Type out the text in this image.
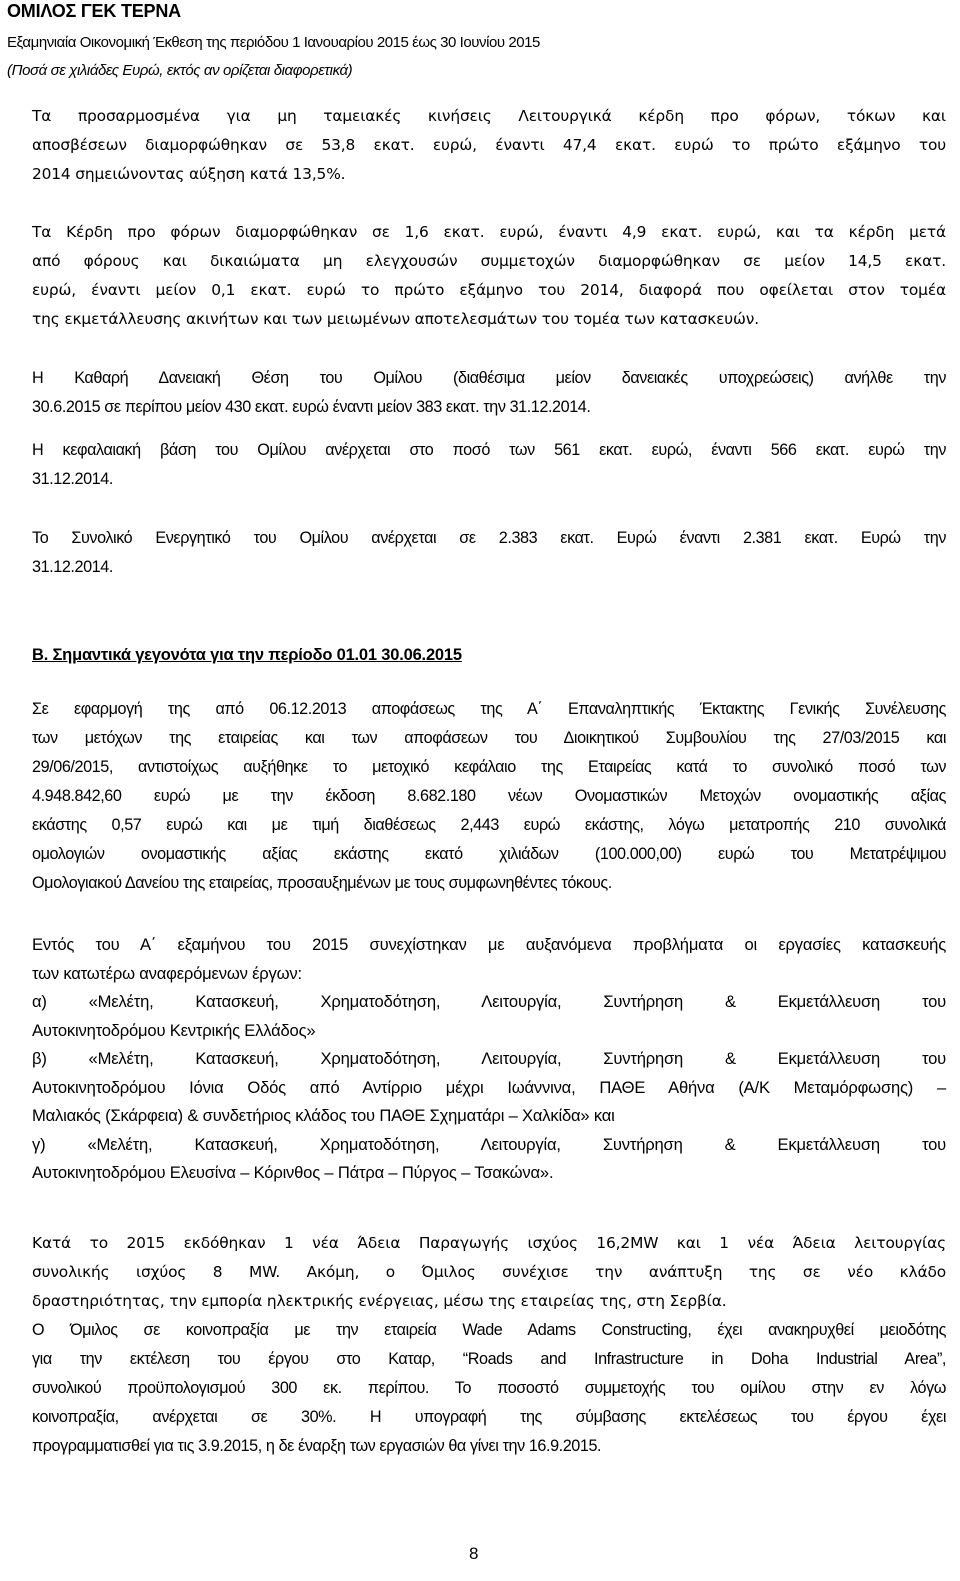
ΟΜΙΛΟΣ ΓΕΚ ΤΕΡΝΑ
Εξαμηνιαία Οικονομική Έκθεση της περιόδου 1 Ιανουαρίου 2015 έως 30 Ιουνίου 2015
(Ποσά σε χιλιάδες Ευρώ, εκτός αν ορίζεται διαφορετικά)
Τα προσαρμοσμένα για μη ταμειακές κινήσεις Λειτουργικά κέρδη προ φόρων, τόκων και
αποσβέσεων διαμορφώθηκαν σε 53,8 εκατ. ευρώ, έναντι 47,4 εκατ. ευρώ το πρώτο εξάμηνο του
2014 σημειώνοντας αύξηση κατά 13,5%.
Τα Κέρδη προ φόρων διαμορφώθηκαν σε 1,6 εκατ. ευρώ, έναντι 4,9 εκατ. ευρώ, και τα κέρδη μετά
από φόρους και δικαιώματα μη ελεγχουσών συμμετοχών διαμορφώθηκαν σε μείον 14,5 εκατ.
ευρώ, έναντι μείον 0,1 εκατ. ευρώ το πρώτο εξάμηνο του 2014, διαφορά που οφείλεται στον τομέα
της εκμετάλλευσης ακινήτων και των μειωμένων αποτελεσμάτων του τομέα των κατασκευών.
Η Καθαρή Δανειακή Θέση του Ομίλου (διαθέσιμα μείον δανειακές υποχρεώσεις) ανήλθε την
30.6.2015 σε περίπου μείον 430 εκατ. ευρώ έναντι μείον 383 εκατ. την 31.12.2014.
Η κεφαλαιακή βάση του Ομίλου ανέρχεται στο ποσό των 561 εκατ. ευρώ, έναντι 566 εκατ. ευρώ την
31.12.2014.
Το Συνολικό Ενεργητικό του Ομίλου ανέρχεται σε 2.383 εκατ. Ευρώ έναντι 2.381 εκατ. Ευρώ την
31.12.2014.
Β. Σημαντικά γεγονότα για την περίοδο 01.01 30.06.2015
Σε εφαρμογή της από 06.12.2013 αποφάσεως της Α΄ Επαναληπτικής Έκτακτης Γενικής Συνέλευσης
των μετόχων της εταιρείας και των αποφάσεων του Διοικητικού Συμβουλίου της 27/03/2015 και
29/06/2015, αντιστοίχως αυξήθηκε το μετοχικό κεφάλαιο της Εταιρείας κατά το συνολικό ποσό των
4.948.842,60 ευρώ με την έκδοση 8.682.180 νέων Ονομαστικών Μετοχών ονομαστικής αξίας
εκάστης 0,57 ευρώ και με τιμή διαθέσεως 2,443 ευρώ εκάστης, λόγω μετατροπής 210 συνολικά
ομολογιών ονομαστικής αξίας εκάστης εκατό χιλιάδων (100.000,00) ευρώ του Μετατρέψιμου
Ομολογιακού Δανείου της εταιρείας, προσαυξημένων με τους συμφωνηθέντες τόκους.
Εντός του Α΄ εξαμήνου του 2015 συνεχίστηκαν με αυξανόμενα προβλήματα οι εργασίες κατασκευής
των κατωτέρω αναφερόμενων έργων:
α) «Μελέτη, Κατασκευή, Χρηματοδότηση, Λειτουργία, Συντήρηση & Εκμετάλλευση του
Αυτοκινητοδρόμου Κεντρικής Ελλάδος»
β) «Μελέτη, Κατασκευή, Χρηματοδότηση, Λειτουργία, Συντήρηση & Εκμετάλλευση του
Αυτοκινητοδρόμου Ιόνια Οδός από Αντίρριο μέχρι Ιωάννινα, ΠΑΘΕ Αθήνα (Α/Κ Μεταμόρφωσης) –
Μαλιακός (Σκάρφεια) & συνδετήριος κλάδος του ΠΑΘΕ Σχηματάρι – Χαλκίδα» και
γ) «Μελέτη, Κατασκευή, Χρηματοδότηση, Λειτουργία, Συντήρηση & Εκμετάλλευση του
Αυτοκινητοδρόμου Ελευσίνα – Κόρινθος – Πάτρα – Πύργος – Τσακώνα».
Κατά το 2015 εκδόθηκαν 1 νέα Άδεια Παραγωγής ισχύος 16,2MW και 1 νέα Άδεια λειτουργίας
συνολικής ισχύος 8 MW. Ακόμη, ο Όμιλος συνέχισε την ανάπτυξη της σε νέο κλάδο
δραστηριότητας, την εμπορία ηλεκτρικής ενέργειας, μέσω της εταιρείας της, στη Σερβία.
Ο Όμιλος σε κοινοπραξία με την εταιρεία Wade Adams Constructing, έχει ανακηρυχθεί μειοδότης
για την εκτέλεση του έργου στο Καταρ, “Roads and Infrastructure in Doha Industrial Area”,
συνολικού προϋπολογισμού 300 εκ. περίπου. Το ποσοστό συμμετοχής του ομίλου στην εν λόγω
κοινοπραξία, ανέρχεται σε 30%. Η υπογραφή της σύμβασης εκτελέσεως του έργου έχει
προγραμματισθεί για τις 3.9.2015, η δε έναρξη των εργασιών θα γίνει την 16.9.2015.
8
